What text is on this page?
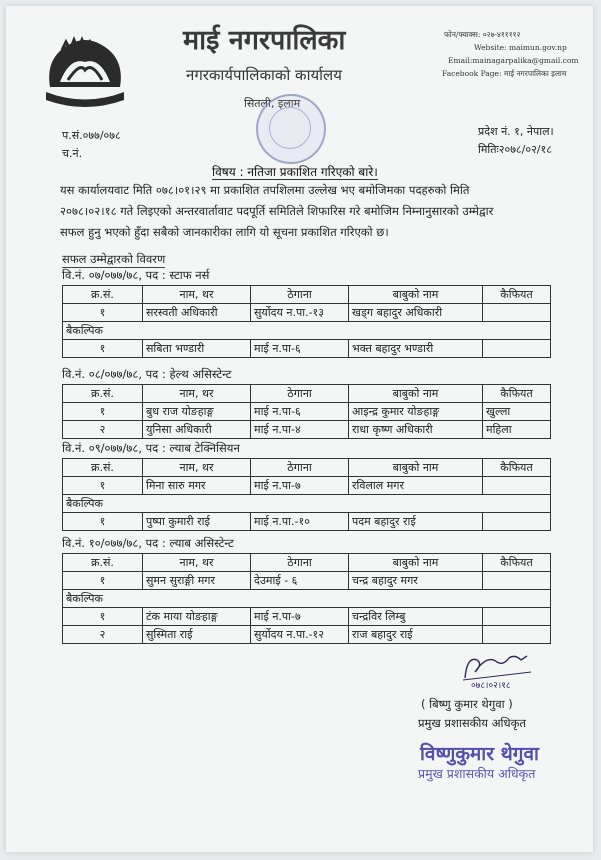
माई नगरपालिका
नगरकार्यपालिकाको कार्यालय
सितली, इलाम
फोन/फ्याक्स: ०२७-४११११२
Website: maimun.gov.np
Email:mainagarpalika@gmail.com
Facebook Page: माई नगरपालिका इलाम
प.सं.०७७/०७८
च.नं.
प्रदेश नं. १, नेपाल।
मितिः२०७८/०२/१८
विषय : नतिजा प्रकाशित गरिएको बारे।
यस कार्यालयवाट मिति ०७८।०१।२९ मा प्रकाशित तपशिलमा उल्लेख भए बमोजिमका पदहरुको मिति
२०७८।०२।१८ गते लिइएको अन्तरवार्तावाट पदपूर्ति समितिले शिफारिस गरे बमोजिम निम्नानुसारको उम्मेद्वार
सफल हुनु भएको हुँदा सबैको जानकारीका लागि यो सूचना प्रकाशित गरिएको छ।
सफल उम्मेद्वारको विवरण
वि.नं. ०७/०७७/७८, पद : स्टाफ नर्स
क्र.सं.	नाम, थर	ठेगाना	बाबुको नाम	कैफियत
१	सरस्वती अधिकारी	सुर्योदय न.पा.-१३	खड्ग बहादुर अधिकारी	
बैकल्पिक				
१	सबिता भण्डारी	माई न.पा-६	भक्त बहादुर भण्डारी	
वि.नं. ०८/०७७/७८, पद : हेल्थ असिस्टेन्ट
क्र.सं.	नाम, थर	ठेगाना	बाबुको नाम	कैफियत
१	बुध राज योङहाङ्ग	माई न.पा-६	आइन्द्र कुमार योङहाङ्ग	खुल्ला
२	युनिसा अधिकारी	माई न.पा-४	राधा कृष्ण अधिकारी	महिला
वि.नं. ०९/०७७/७८, पद : ल्याब टेक्निसियन
क्र.सं.	नाम, थर	ठेगाना	बाबुको नाम	कैफियत
१	मिना सारु मगर	माई न.पा-७	रविलाल मगर	
बैकल्पिक				
१	पुष्पा कुमारी राई	माई न.पा.-१०	पदम बहादुर राई	
वि.नं. १०/०७७/७८, पद : ल्याब असिस्टेन्ट
क्र.सं.	नाम, थर	ठेगाना	बाबुको नाम	कैफियत
१	सुमन सुराङ्गी मगर	देउमाई - ६	चन्द्र बहादुर मगर	
बैकल्पिक				
१	टंक माया योङहाङ्ग	माई न.पा-७	चन्द्रविर लिम्बु	
२	सुस्मिता राई	सुर्योदय न.पा.-१२	राज बहादुर राई	
०७८।०२।१८
( बिष्णु कुमार थेगुवा )
प्रमुख प्रशासकीय अधिकृत
विष्णुकुमार थेगुवा
प्रमुख प्रशासकीय अधिकृत
